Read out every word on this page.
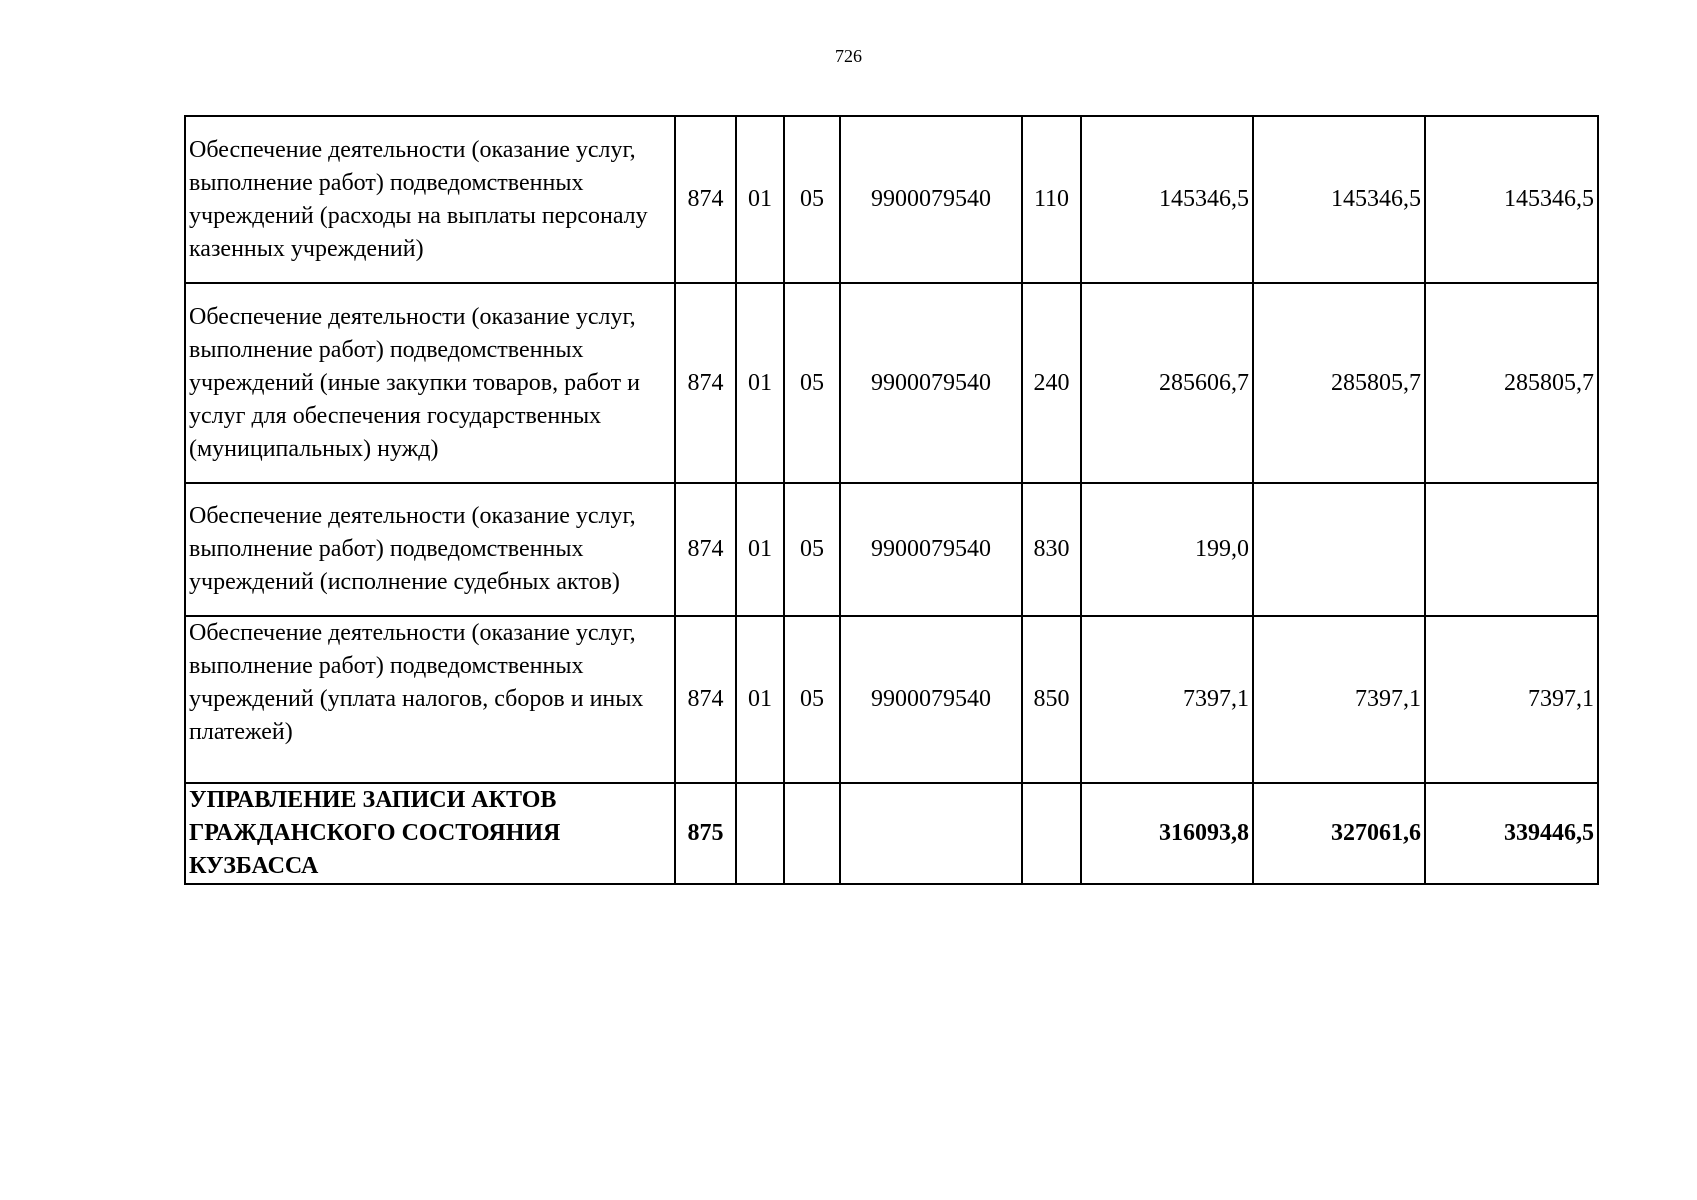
726
Обеспечение деятельности (оказание услуг, выполнение работ) подведомственных учреждений (расходы на выплаты персоналу казенных учреждений)	874	01	05	9900079540	110	145346,5	145346,5	145346,5
Обеспечение деятельности (оказание услуг, выполнение работ) подведомственных учреждений (иные закупки товаров, работ и услуг для обеспечения государственных (муниципальных) нужд)	874	01	05	9900079540	240	285606,7	285805,7	285805,7
Обеспечение деятельности (оказание услуг, выполнение работ) подведомственных учреждений (исполнение судебных актов)	874	01	05	9900079540	830	199,0		
Обеспечение деятельности (оказание услуг, выполнение работ) подведомственных учреждений (уплата налогов, сборов и иных платежей)	874	01	05	9900079540	850	7397,1	7397,1	7397,1
УПРАВЛЕНИЕ ЗАПИСИ АКТОВ ГРАЖДАНСКОГО СОСТОЯНИЯ КУЗБАССА	875					316093,8	327061,6	339446,5
